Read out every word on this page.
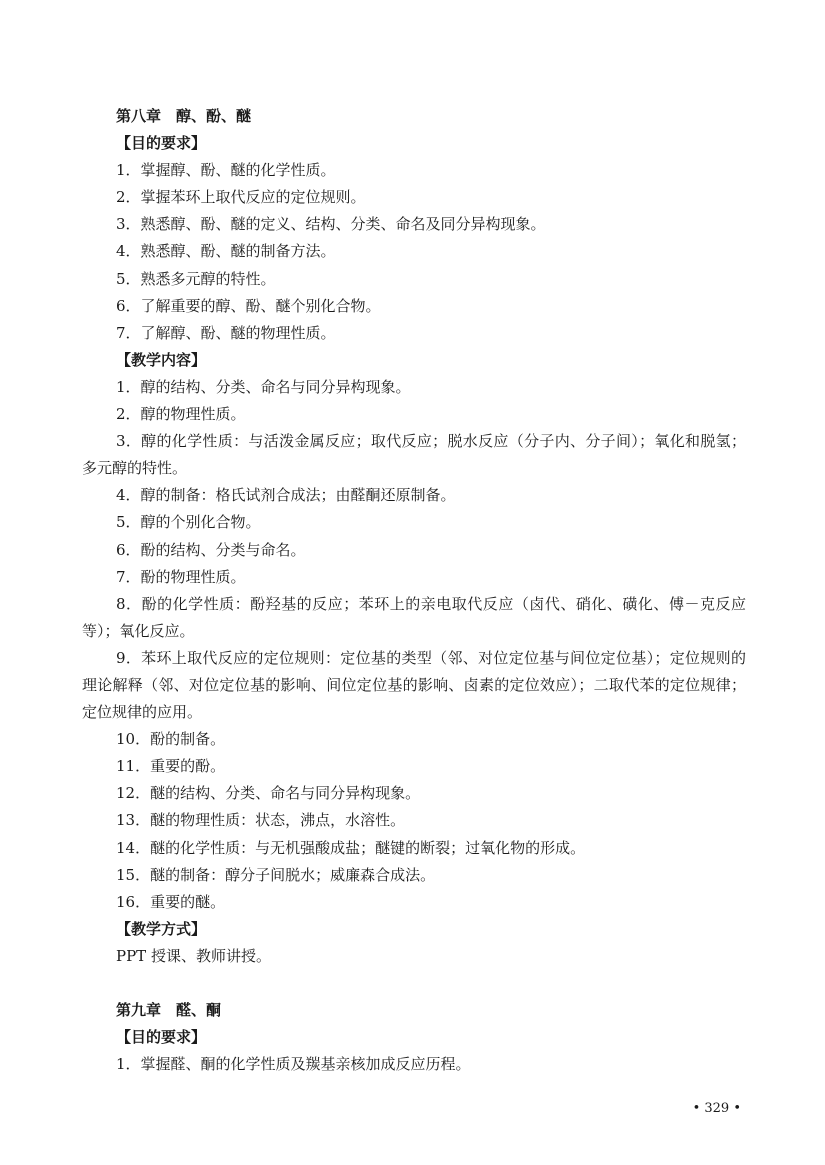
第八章　醇、酚、醚
【目的要求】
1．掌握醇、酚、醚的化学性质。
2．掌握苯环上取代反应的定位规则。
3．熟悉醇、酚、醚的定义、结构、分类、命名及同分异构现象。
4．熟悉醇、酚、醚的制备方法。
5．熟悉多元醇的特性。
6．了解重要的醇、酚、醚个别化合物。
7．了解醇、酚、醚的物理性质。
【教学内容】
1．醇的结构、分类、命名与同分异构现象。
2．醇的物理性质。
3．醇的化学性质：与活泼金属反应；取代反应；脱水反应（分子内、分子间）；氧化和脱氢；多元醇的特性。
4．醇的制备：格氏试剂合成法；由醛酮还原制备。
5．醇的个别化合物。
6．酚的结构、分类与命名。
7．酚的物理性质。
8．酚的化学性质：酚羟基的反应；苯环上的亲电取代反应（卤代、硝化、磺化、傅－克反应等）；氧化反应。
9．苯环上取代反应的定位规则：定位基的类型（邻、对位定位基与间位定位基）；定位规则的理论解释（邻、对位定位基的影响、间位定位基的影响、卤素的定位效应）；二取代苯的定位规律；定位规律的应用。
10．酚的制备。
11．重要的酚。
12．醚的结构、分类、命名与同分异构现象。
13．醚的物理性质：状态，沸点，水溶性。
14．醚的化学性质：与无机强酸成盐；醚键的断裂；过氧化物的形成。
15．醚的制备：醇分子间脱水；威廉森合成法。
16．重要的醚。
【教学方式】
PPT 授课、教师讲授。
第九章　醛、酮
【目的要求】
1．掌握醛、酮的化学性质及羰基亲核加成反应历程。
• 329 •
